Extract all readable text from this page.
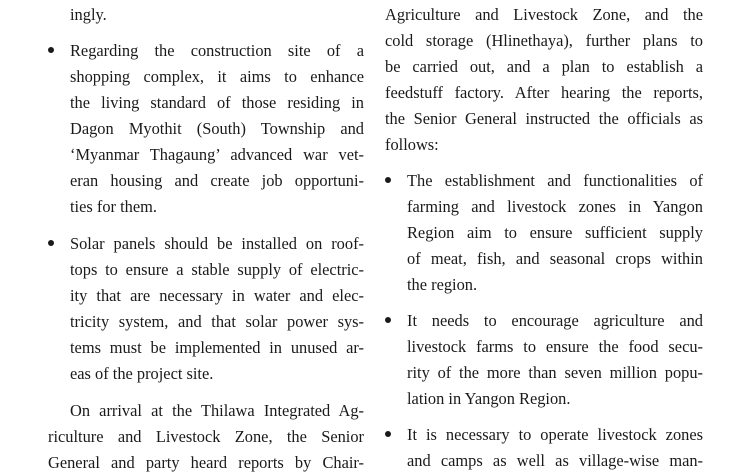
ingly.
Regarding the construction site of a
shopping complex, it aims to enhance
the living standard of those residing in
Dagon Myothit (South) Township and
‘Myanmar Thagaung’ advanced war vet-
eran housing and create job opportuni-
ties for them.
Solar panels should be installed on roof-
tops to ensure a stable supply of electric-
ity that are necessary in water and elec-
tricity system, and that solar power sys-
tems must be implemented in unused ar-
eas of the project site.
On arrival at the Thilawa Integrated Ag-
riculture and Livestock Zone, the Senior
General and party heard reports by Chair-
Agriculture and Livestock Zone, and the
cold storage (Hlinethaya), further plans to
be carried out, and a plan to establish a
feedstuff factory. After hearing the reports,
the Senior General instructed the officials as
follows:
The establishment and functionalities of
farming and livestock zones in Yangon
Region aim to ensure sufficient supply
of meat, fish, and seasonal crops within
the region.
It needs to encourage agriculture and
livestock farms to ensure the food secu-
rity of the more than seven million popu-
lation in Yangon Region.
It is necessary to operate livestock zones
and camps as well as village-wise man-
